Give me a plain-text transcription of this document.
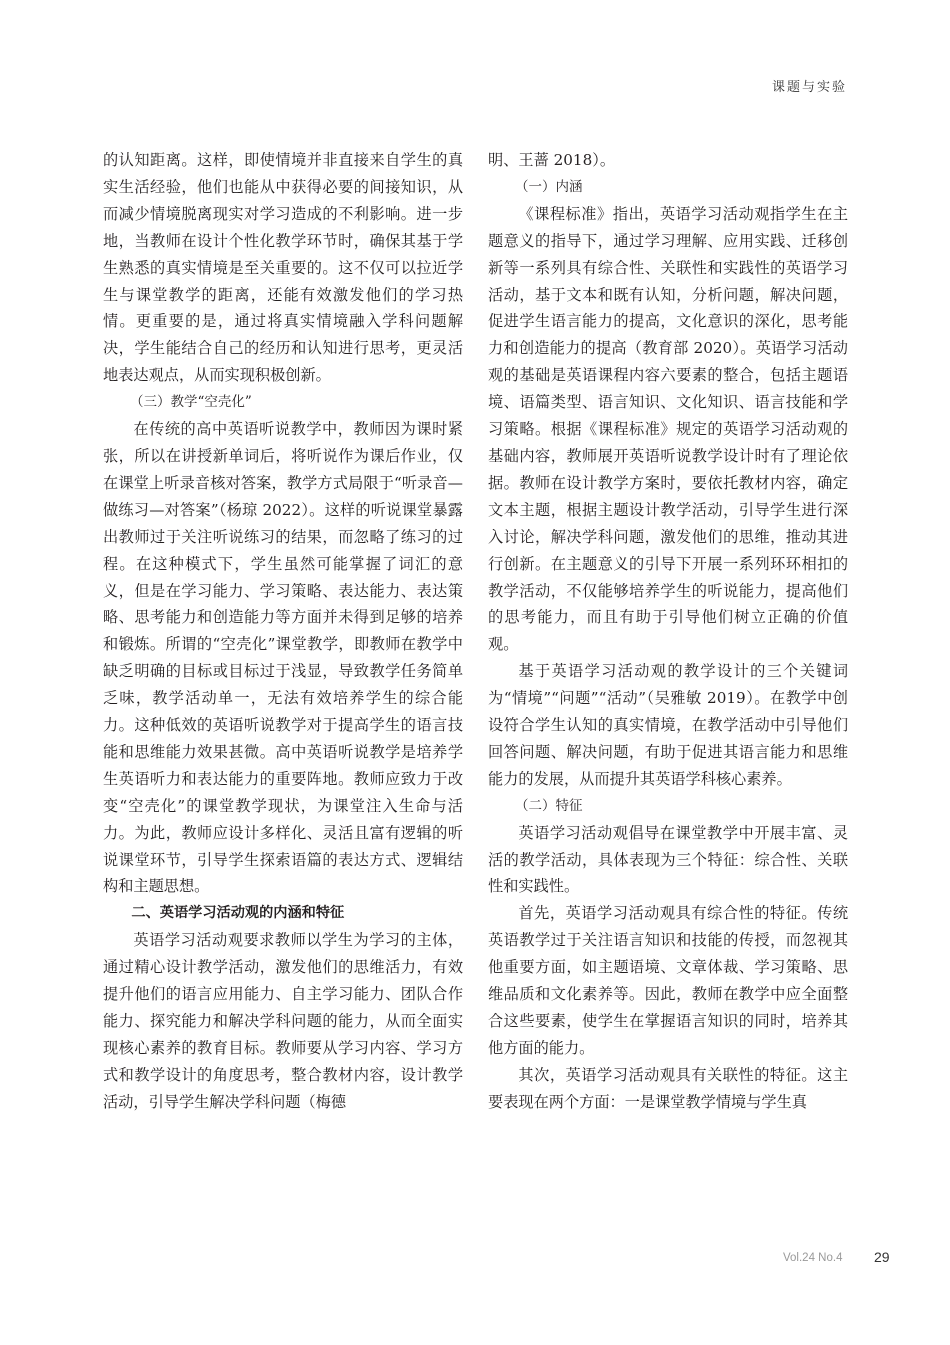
课题与实验

的认知距离。这样，即使情境并非直接来自学生的真实生活经验，他们也能从中获得必要的间接知识，从而减少情境脱离现实对学习造成的不利影响。进一步地，当教师在设计个性化教学环节时，确保其基于学生熟悉的真实情境是至关重要的。这不仅可以拉近学生与课堂教学的距离，还能有效激发他们的学习热情。更重要的是，通过将真实情境融入学科问题解决，学生能结合自己的经历和认知进行思考，更灵活地表达观点，从而实现积极创新。

（三）教学“空壳化”

在传统的高中英语听说教学中，教师因为课时紧张，所以在讲授新单词后，将听说作为课后作业，仅在课堂上听录音核对答案，教学方式局限于“听录音—做练习—对答案”（杨琼 2022）。这样的听说课堂暴露出教师过于关注听说练习的结果，而忽略了练习的过程。在这种模式下，学生虽然可能掌握了词汇的意义，但是在学习能力、学习策略、表达能力、表达策略、思考能力和创造能力等方面并未得到足够的培养和锻炼。所谓的“空壳化”课堂教学，即教师在教学中缺乏明确的目标或目标过于浅显，导致教学任务简单乏味，教学活动单一，无法有效培养学生的综合能力。这种低效的英语听说教学对于提高学生的语言技能和思维能力效果甚微。高中英语听说教学是培养学生英语听力和表达能力的重要阵地。教师应致力于改变“空壳化”的课堂教学现状，为课堂注入生命与活力。为此，教师应设计多样化、灵活且富有逻辑的听说课堂环节，引导学生探索语篇的表达方式、逻辑结构和主题思想。

二、英语学习活动观的内涵和特征

英语学习活动观要求教师以学生为学习的主体，通过精心设计教学活动，激发他们的思维活力，有效提升他们的语言应用能力、自主学习能力、团队合作能力、探究能力和解决学科问题的能力，从而全面实现核心素养的教育目标。教师要从学习内容、学习方式和教学设计的角度思考，整合教材内容，设计教学活动，引导学生解决学科问题（梅德

明、王蔷 2018）。

（一）内涵

《课程标准》指出，英语学习活动观指学生在主题意义的指导下，通过学习理解、应用实践、迁移创新等一系列具有综合性、关联性和实践性的英语学习活动，基于文本和既有认知，分析问题，解决问题，促进学生语言能力的提高，文化意识的深化，思考能力和创造能力的提高（教育部 2020）。英语学习活动观的基础是英语课程内容六要素的整合，包括主题语境、语篇类型、语言知识、文化知识、语言技能和学习策略。根据《课程标准》规定的英语学习活动观的基础内容，教师展开英语听说教学设计时有了理论依据。教师在设计教学方案时，要依托教材内容，确定文本主题，根据主题设计教学活动，引导学生进行深入讨论，解决学科问题，激发他们的思维，推动其进行创新。在主题意义的引导下开展一系列环环相扣的教学活动，不仅能够培养学生的听说能力，提高他们的思考能力，而且有助于引导他们树立正确的价值观。

基于英语学习活动观的教学设计的三个关键词为“情境”“问题”“活动”（吴雅敏 2019）。在教学中创设符合学生认知的真实情境，在教学活动中引导他们回答问题、解决问题，有助于促进其语言能力和思维能力的发展，从而提升其英语学科核心素养。

（二）特征

英语学习活动观倡导在课堂教学中开展丰富、灵活的教学活动，具体表现为三个特征：综合性、关联性和实践性。

首先，英语学习活动观具有综合性的特征。传统英语教学过于关注语言知识和技能的传授，而忽视其他重要方面，如主题语境、文章体裁、学习策略、思维品质和文化素养等。因此，教师在教学中应全面整合这些要素，使学生在掌握语言知识的同时，培养其他方面的能力。

其次，英语学习活动观具有关联性的特征。这主要表现在两个方面：一是课堂教学情境与学生真

Vol.24 No.4 29
